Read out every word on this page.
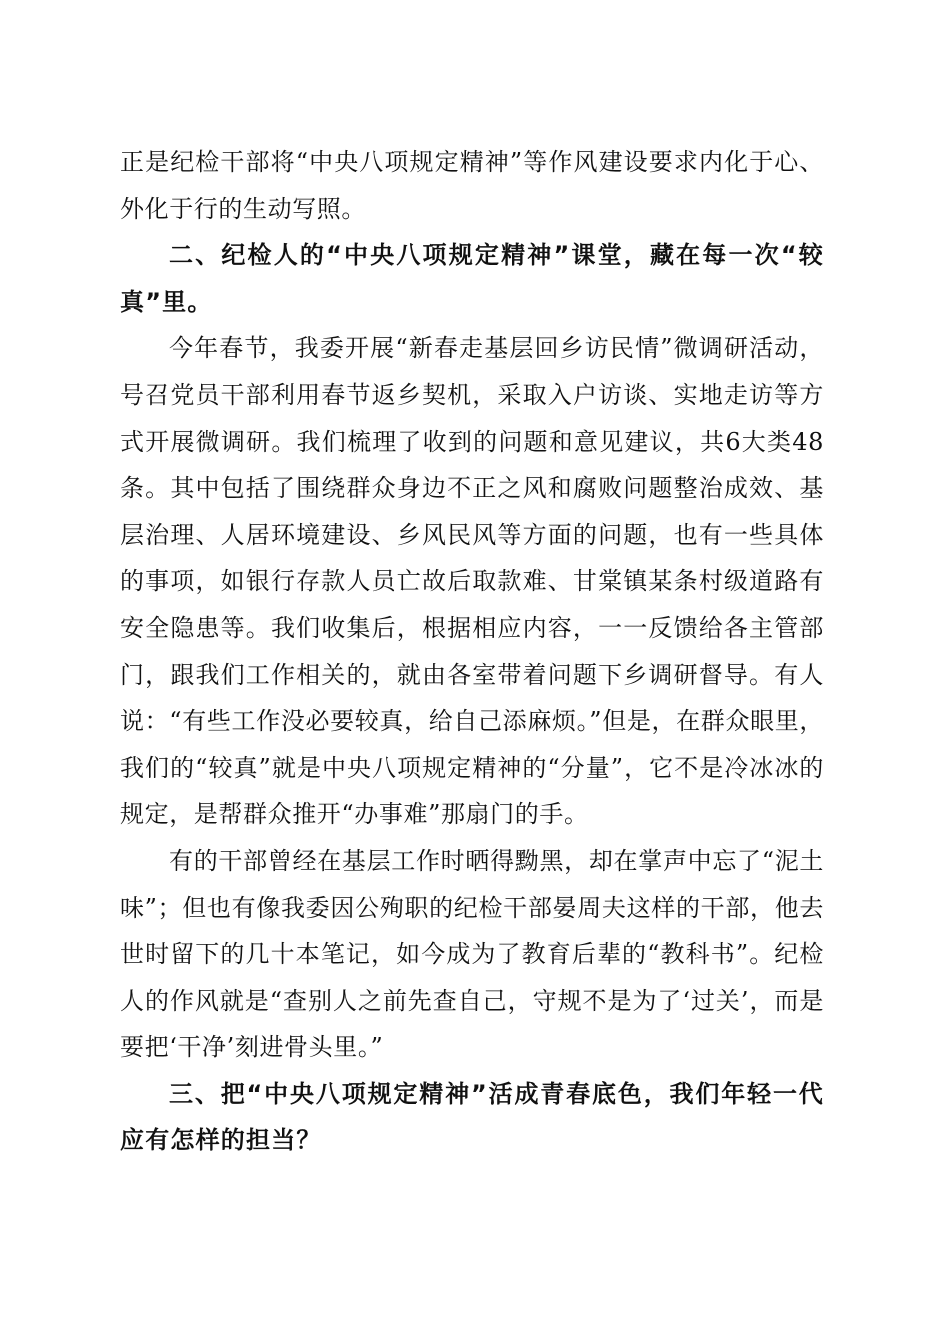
正是纪检干部将“中央八项规定精神”等作风建设要求内化于心、外化于行的生动写照。

二、纪检人的“中央八项规定精神”课堂，藏在每一次“较真”里。

今年春节，我委开展“新春走基层回乡访民情”微调研活动，号召党员干部利用春节返乡契机，采取入户访谈、实地走访等方式开展微调研。我们梳理了收到的问题和意见建议，共6大类48条。其中包括了围绕群众身边不正之风和腐败问题整治成效、基层治理、人居环境建设、乡风民风等方面的问题，也有一些具体的事项，如银行存款人员亡故后取款难、甘棠镇某条村级道路有安全隐患等。我们收集后，根据相应内容，一一反馈给各主管部门，跟我们工作相关的，就由各室带着问题下乡调研督导。有人说：“有些工作没必要较真，给自己添麻烦。”但是，在群众眼里，我们的“较真”就是中央八项规定精神的“分量”，它不是冷冰冰的规定，是帮群众推开“办事难”那扇门的手。

有的干部曾经在基层工作时晒得黝黑，却在掌声中忘了“泥土味”；但也有像我委因公殉职的纪检干部晏周夫这样的干部，他去世时留下的几十本笔记，如今成为了教育后辈的“教科书”。纪检人的作风就是“查别人之前先查自己，守规不是为了‘过关’，而是要把‘干净’刻进骨头里。”

三、把“中央八项规定精神”活成青春底色，我们年轻一代应有怎样的担当？
